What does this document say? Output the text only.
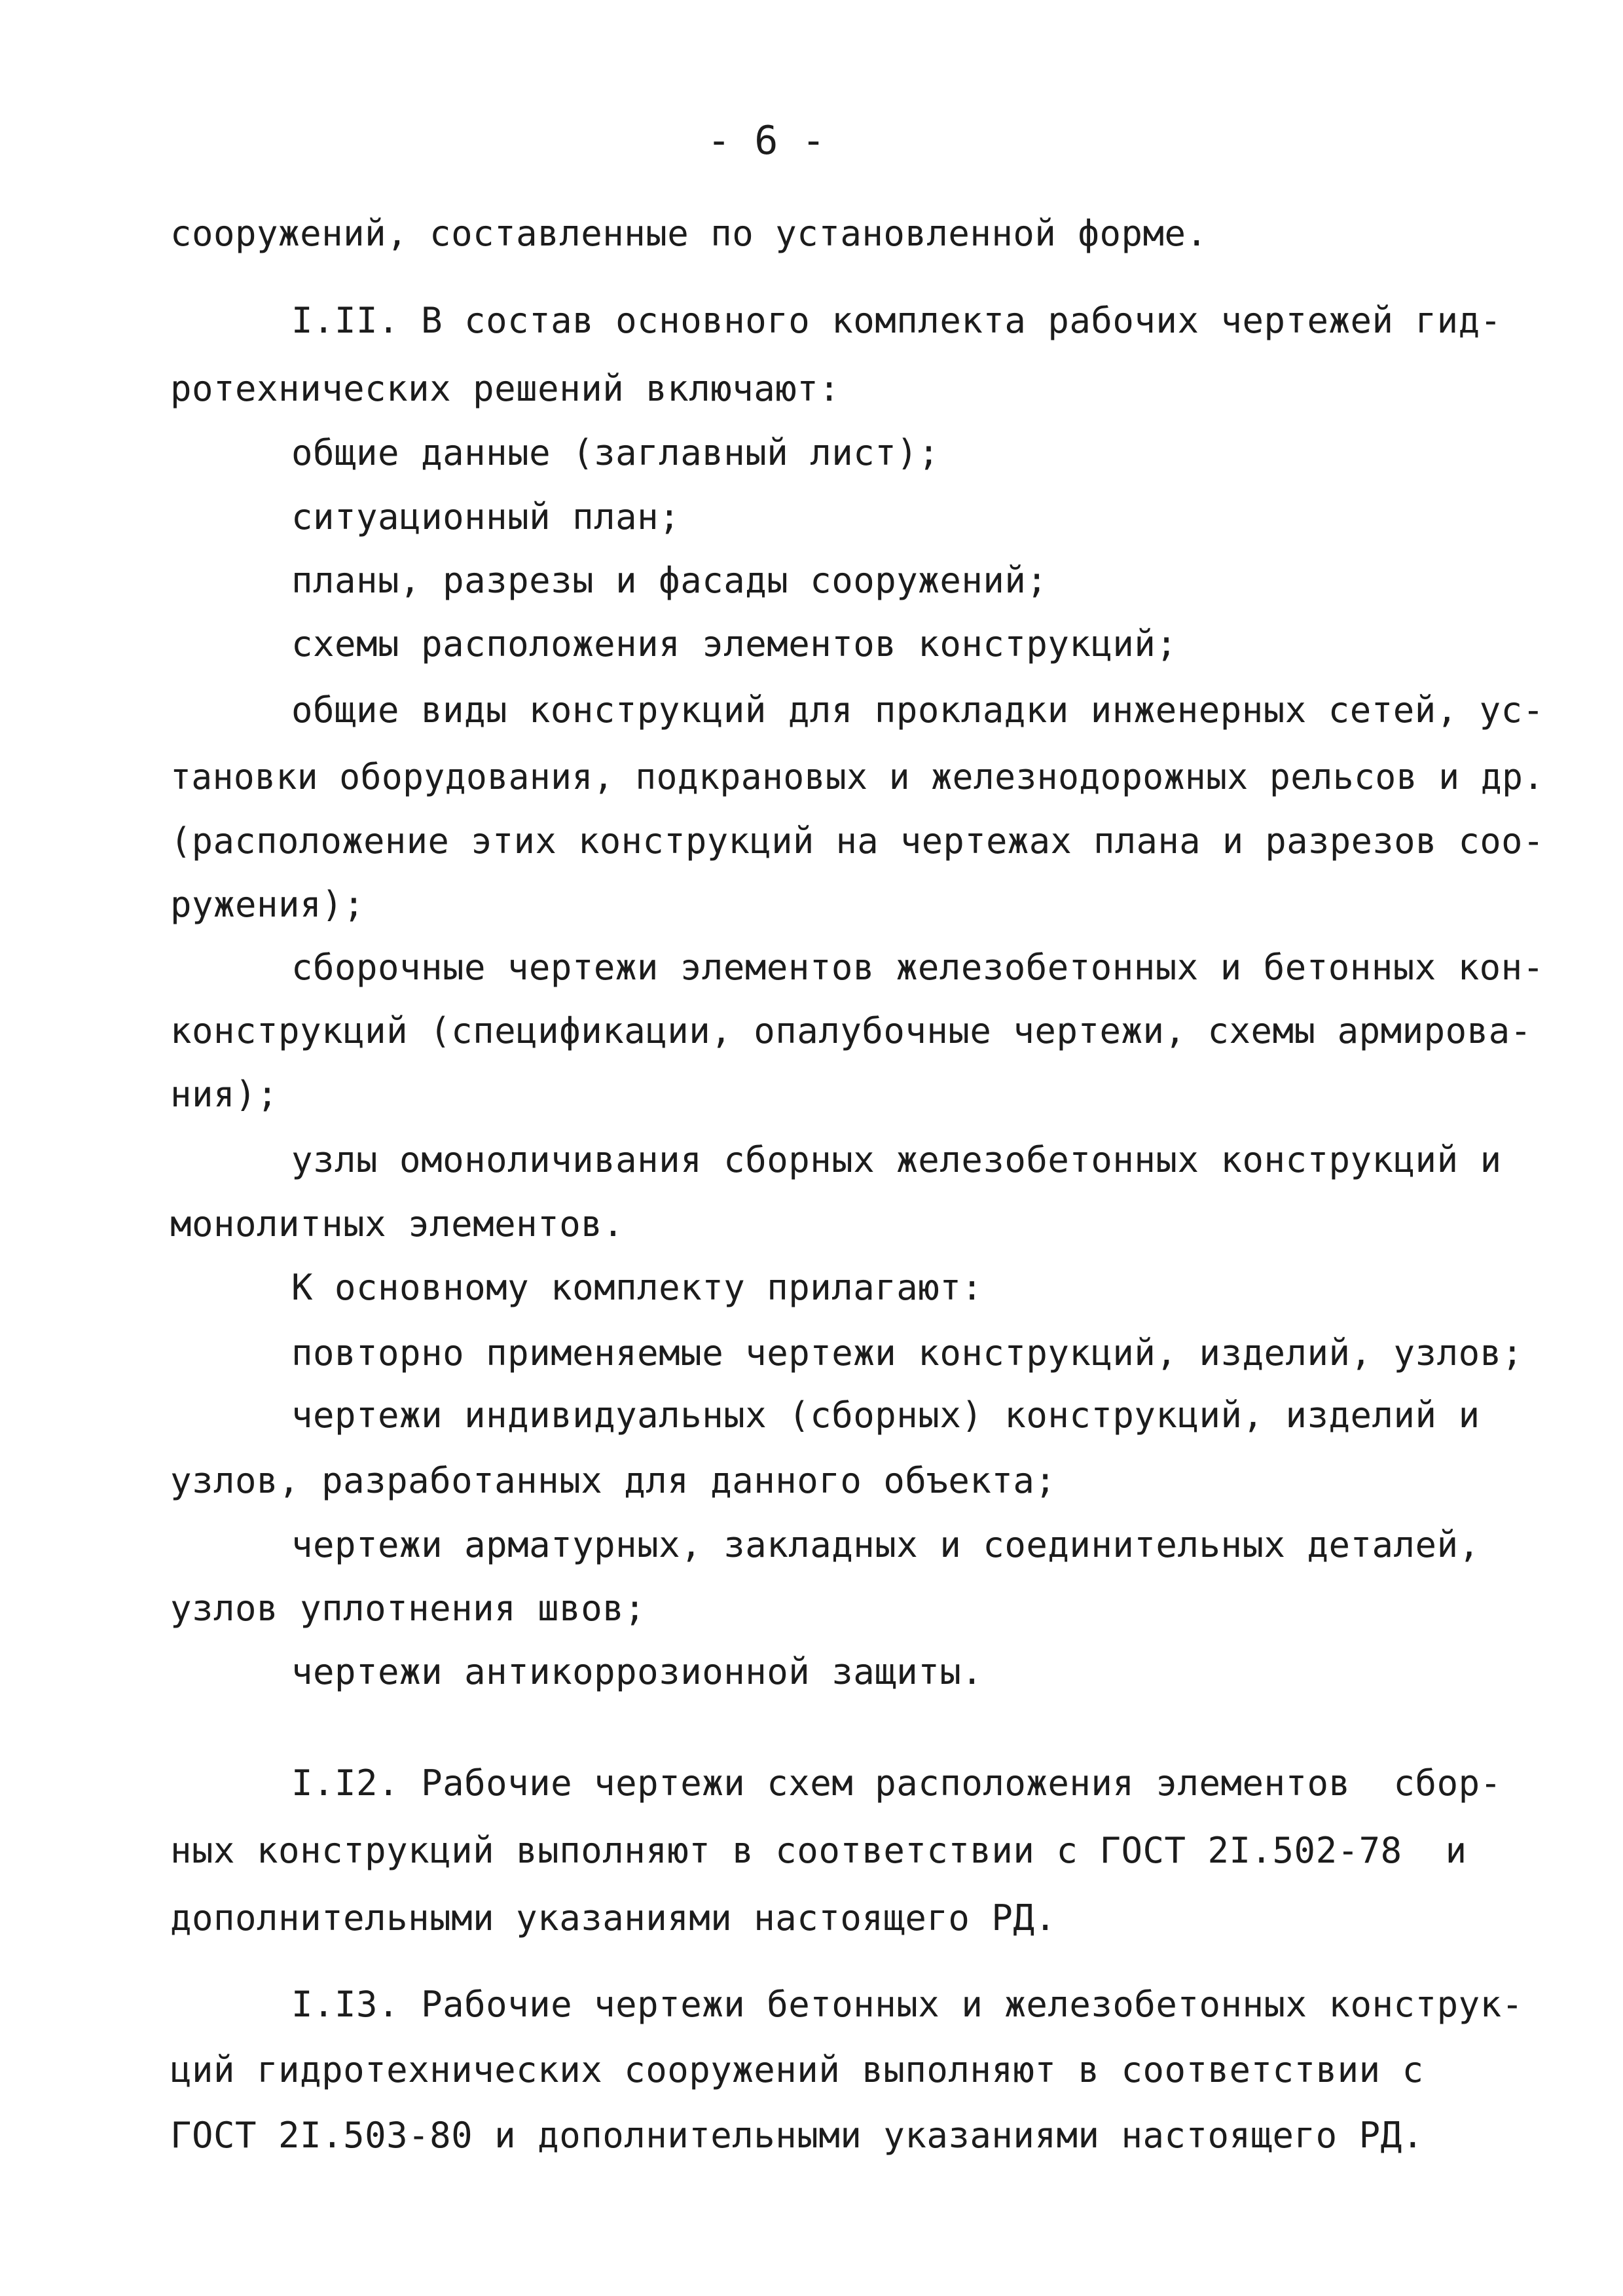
- 6 -
сооружений, составленные по установленной форме.
I.II. В состав основного комплекта рабочих чертежей гид-
ротехнических решений включают:
общие данные (заглавный лист);
ситуационный план;
планы, разрезы и фасады сооружений;
схемы расположения элементов конструкций;
общие виды конструкций для прокладки инженерных сетей, ус-
тановки оборудования, подкрановых и железнодорожных рельсов и др.
(расположение этих конструкций на чертежах плана и разрезов соо-
ружения);
сборочные чертежи элементов железобетонных и бетонных кон-
конструкций (спецификации, опалубочные чертежи, схемы армирова-
ния);
узлы омоноличивания сборных железобетонных конструкций и
монолитных элементов.
К основному комплекту прилагают:
повторно применяемые чертежи конструкций, изделий, узлов;
чертежи индивидуальных (сборных) конструкций, изделий и
узлов, разработанных для данного объекта;
чертежи арматурных, закладных и соединительных деталей,
узлов уплотнения швов;
чертежи антикоррозионной защиты.
I.I2. Рабочие чертежи схем расположения элементов  сбор-
ных конструкций выполняют в соответствии с ГОСТ 2I.502-78  и
дополнительными указаниями настоящего РД.
I.I3. Рабочие чертежи бетонных и железобетонных конструк-
ций гидротехнических сооружений выполняют в соответствии с
ГОСТ 2I.503-80 и дополнительными указаниями настоящего РД.
